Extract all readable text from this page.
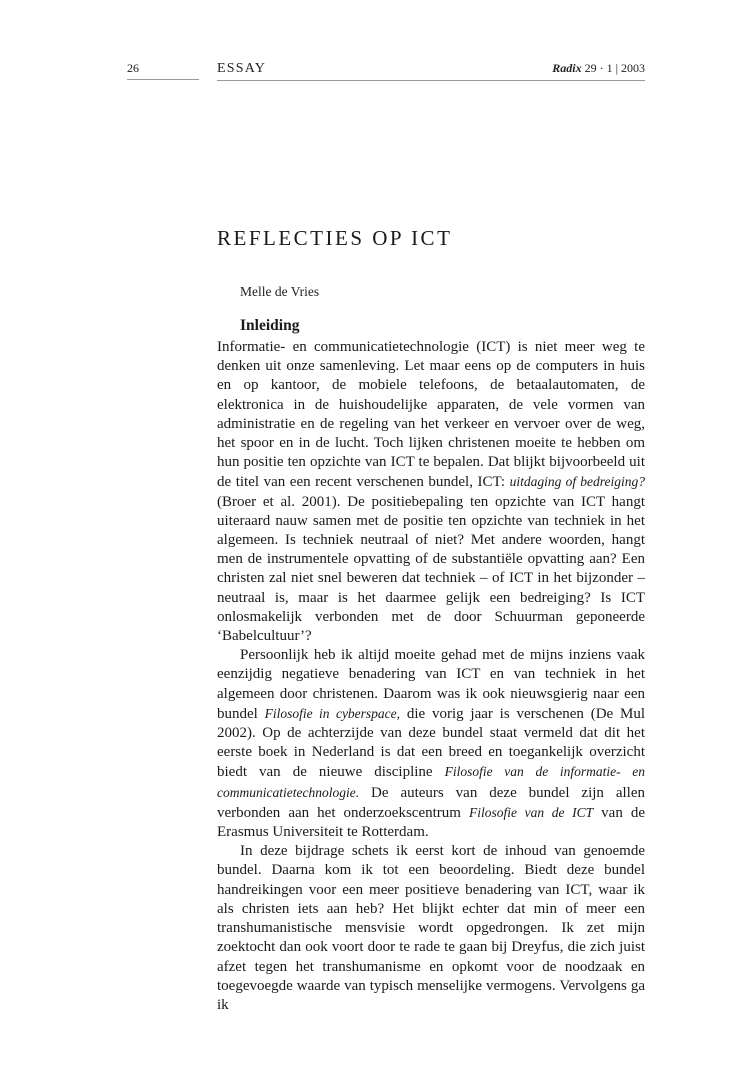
26	ESSAY	Radix 29 · 1 | 2003
REFLECTIES OP ICT
Melle de Vries
Inleiding

Informatie- en communicatietechnologie (ICT) is niet meer weg te denken uit onze samenleving. Let maar eens op de computers in huis en op kantoor, de mobiele telefoons, de betaalautomaten, de elektronica in de huishoudelijke apparaten, de vele vormen van administratie en de regeling van het verkeer en vervoer over de weg, het spoor en in de lucht. Toch lijken christenen moeite te hebben om hun positie ten opzichte van ICT te bepalen. Dat blijkt bijvoorbeeld uit de titel van een recent verschenen bundel, ICT: uitdaging of bedreiging? (Broer et al. 2001). De positiebepaling ten opzichte van ICT hangt uiteraard nauw samen met de positie ten opzichte van techniek in het algemeen. Is techniek neutraal of niet? Met andere woorden, hangt men de instrumentele opvatting of de substantiële opvatting aan? Een christen zal niet snel beweren dat techniek – of ICT in het bijzonder – neutraal is, maar is het daarmee gelijk een bedreiging? Is ICT onlosmakelijk verbonden met de door Schuurman geponeerde ‘Babelcultuur’?

Persoonlijk heb ik altijd moeite gehad met de mijns inziens vaak eenzijdig negatieve benadering van ICT en van techniek in het algemeen door christenen. Daarom was ik ook nieuwsgierig naar een bundel Filosofie in cyberspace, die vorig jaar is verschenen (De Mul 2002). Op de achterzijde van deze bundel staat vermeld dat dit het eerste boek in Nederland is dat een breed en toegankelijk overzicht biedt van de nieuwe discipline Filosofie van de informatie- en communicatietechnologie. De auteurs van deze bundel zijn allen verbonden aan het onderzoekscentrum Filosofie van de ICT van de Erasmus Universiteit te Rotterdam.

In deze bijdrage schets ik eerst kort de inhoud van genoemde bundel. Daarna kom ik tot een beoordeling. Biedt deze bundel handreikingen voor een meer positieve benadering van ICT, waar ik als christen iets aan heb? Het blijkt echter dat min of meer een transhumanistische mensvisie wordt opgedrongen. Ik zet mijn zoektocht dan ook voort door te rade te gaan bij Dreyfus, die zich juist afzet tegen het transhumanisme en opkomt voor de noodzaak en toegevoegde waarde van typisch menselijke vermogens. Vervolgens ga ik
